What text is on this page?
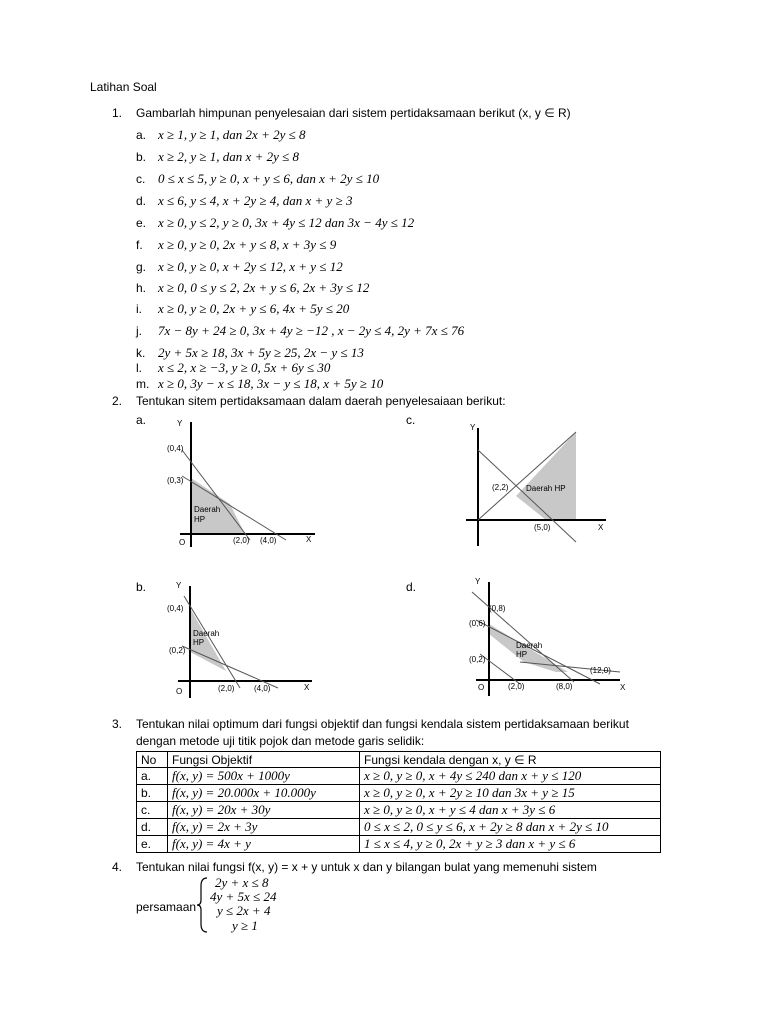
Latihan Soal
1. Gambarlah himpunan penyelesaian dari sistem pertidaksamaan berikut (x, y ∈ R)
a. x ≥ 1, y ≥ 1, dan 2x + 2y ≤ 8
b. x ≥ 2, y ≥ 1, dan x + 2y ≤ 8
c. 0 ≤ x ≤ 5, y ≥ 0, x + y ≤ 6, dan x + 2y ≤ 10
d. x ≤ 6, y ≤ 4, x + 2y ≥ 4, dan x + y ≥ 3
e. x ≥ 0, y ≤ 2, y ≥ 0, 3x + 4y ≤ 12 dan 3x − 4y ≤ 12
f. x ≥ 0, y ≥ 0, 2x + y ≤ 8, x + 3y ≤ 9
g. x ≥ 0, y ≥ 0, x + 2y ≤ 12, x + y ≤ 12
h. x ≥ 0, 0 ≤ y ≤ 2, 2x + y ≤ 6, 2x + 3y ≤ 12
i. x ≥ 0, y ≥ 0, 2x + y ≤ 6, 4x + 5y ≤ 20
j. 7x − 8y + 24 ≥ 0, 3x + 4y ≥ −12 , x − 2y ≤ 4, 2y + 7x ≤ 76
k. 2y + 5x ≥ 18, 3x + 5y ≥ 25, 2x − y ≤ 13
l. x ≤ 2, x ≥ −3, y ≥ 0, 5x + 6y ≤ 30
m. x ≥ 0, 3y − x ≤ 18, 3x − y ≤ 18, x + 5y ≥ 10
2. Tentukan sitem pertidaksamaan dalam daerah penyelesaiaan berikut:
a.	Y
X
O
(0,4)
(0,3)
(2,0) (4,0)
Daerah
HP
c.
Y
X
(2,2)
(5,0)
Daerah HP
b.	Y
X
O
(0,4)
(0,2)
(2,0) (4,0)
Daerah
HP
d.	Y
X
O
(0,8)
(0,6)
(0,2)
(2,0)	(8,0)
(12,0)
Daerah
HP
3. Tentukan nilai optimum dari fungsi objektif dan fungsi kendala sistem pertidaksamaan berikut
dengan metode uji titik pojok dan metode garis selidik:
No	Fungsi Objektif	Fungsi kendala dengan x, y ∈ R
a.	f(x, y) = 500x + 1000y	x ≥ 0, y ≥ 0, x + 4y ≤ 240 dan x + y ≤ 120
b.	f(x, y) = 20.000x + 10.000y	x ≥ 0, y ≥ 0, x + 2y ≥ 10 dan 3x + y ≥ 15
c.	f(x, y) = 20x + 30y	x ≥ 0, y ≥ 0, x + y ≤ 4 dan x + 3y ≤ 6
d.	f(x, y) = 2x + 3y	0 ≤ x ≤ 2, 0 ≤ y ≤ 6, x + 2y ≥ 8 dan x + 2y ≤ 10
e.	f(x, y) = 4x + y	1 ≤ x ≤ 4, y ≥ 0, 2x + y ≥ 3 dan x + y ≤ 6
4. Tentukan nilai fungsi f(x, y) = x + y untuk x dan y bilangan bulat yang memenuhi sistem
persamaan
2y + x ≤ 8
4y + 5x ≤ 24
y ≤ 2x + 4
y ≥ 1
